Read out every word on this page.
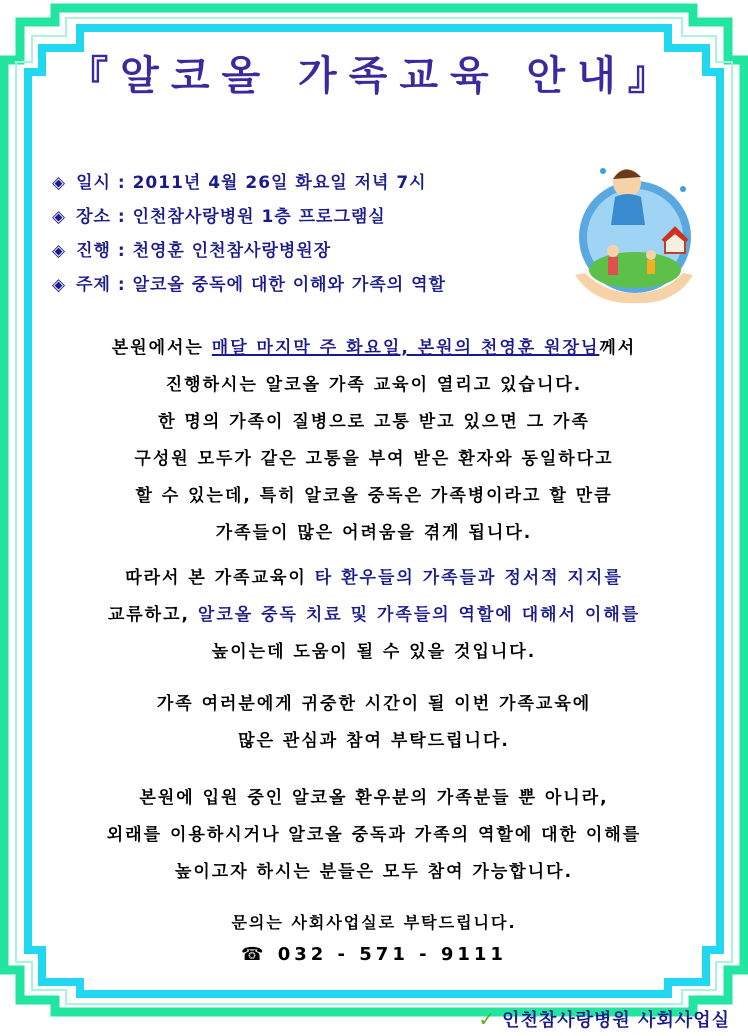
『알코올 가족교육 안내』
◈ 일시 : 2011년 4월 26일 화요일 저녁 7시
◈ 장소 : 인천참사랑병원 1층 프로그램실
◈ 진행 : 천영훈 인천참사랑병원장
◈ 주제 : 알코올 중독에 대한 이해와 가족의 역할
본원에서는 매달 마지막 주 화요일, 본원의 천영훈 원장님께서
진행하시는 알코올 가족 교육이 열리고 있습니다.
한 명의 가족이 질병으로 고통 받고 있으면 그 가족
구성원 모두가 같은 고통을 부여 받은 환자와 동일하다고
할 수 있는데, 특히 알코올 중독은 가족병이라고 할 만큼
가족들이 많은 어려움을 겪게 됩니다.
따라서 본 가족교육이 타 환우들의 가족들과 정서적 지지를
교류하고, 알코올 중독 치료 및 가족들의 역할에 대해서 이해를
높이는데 도움이 될 수 있을 것입니다.
가족 여러분에게 귀중한 시간이 될 이번 가족교육에
많은 관심과 참여 부탁드립니다.
본원에 입원 중인 알코올 환우분의 가족분들 뿐 아니라,
외래를 이용하시거나 알코올 중독과 가족의 역할에 대한 이해를
높이고자 하시는 분들은 모두 참여 가능합니다.
문의는 사회사업실로 부탁드립니다.
☎ 032 - 571 - 9111
✓ 인천참사랑병원 사회사업실
